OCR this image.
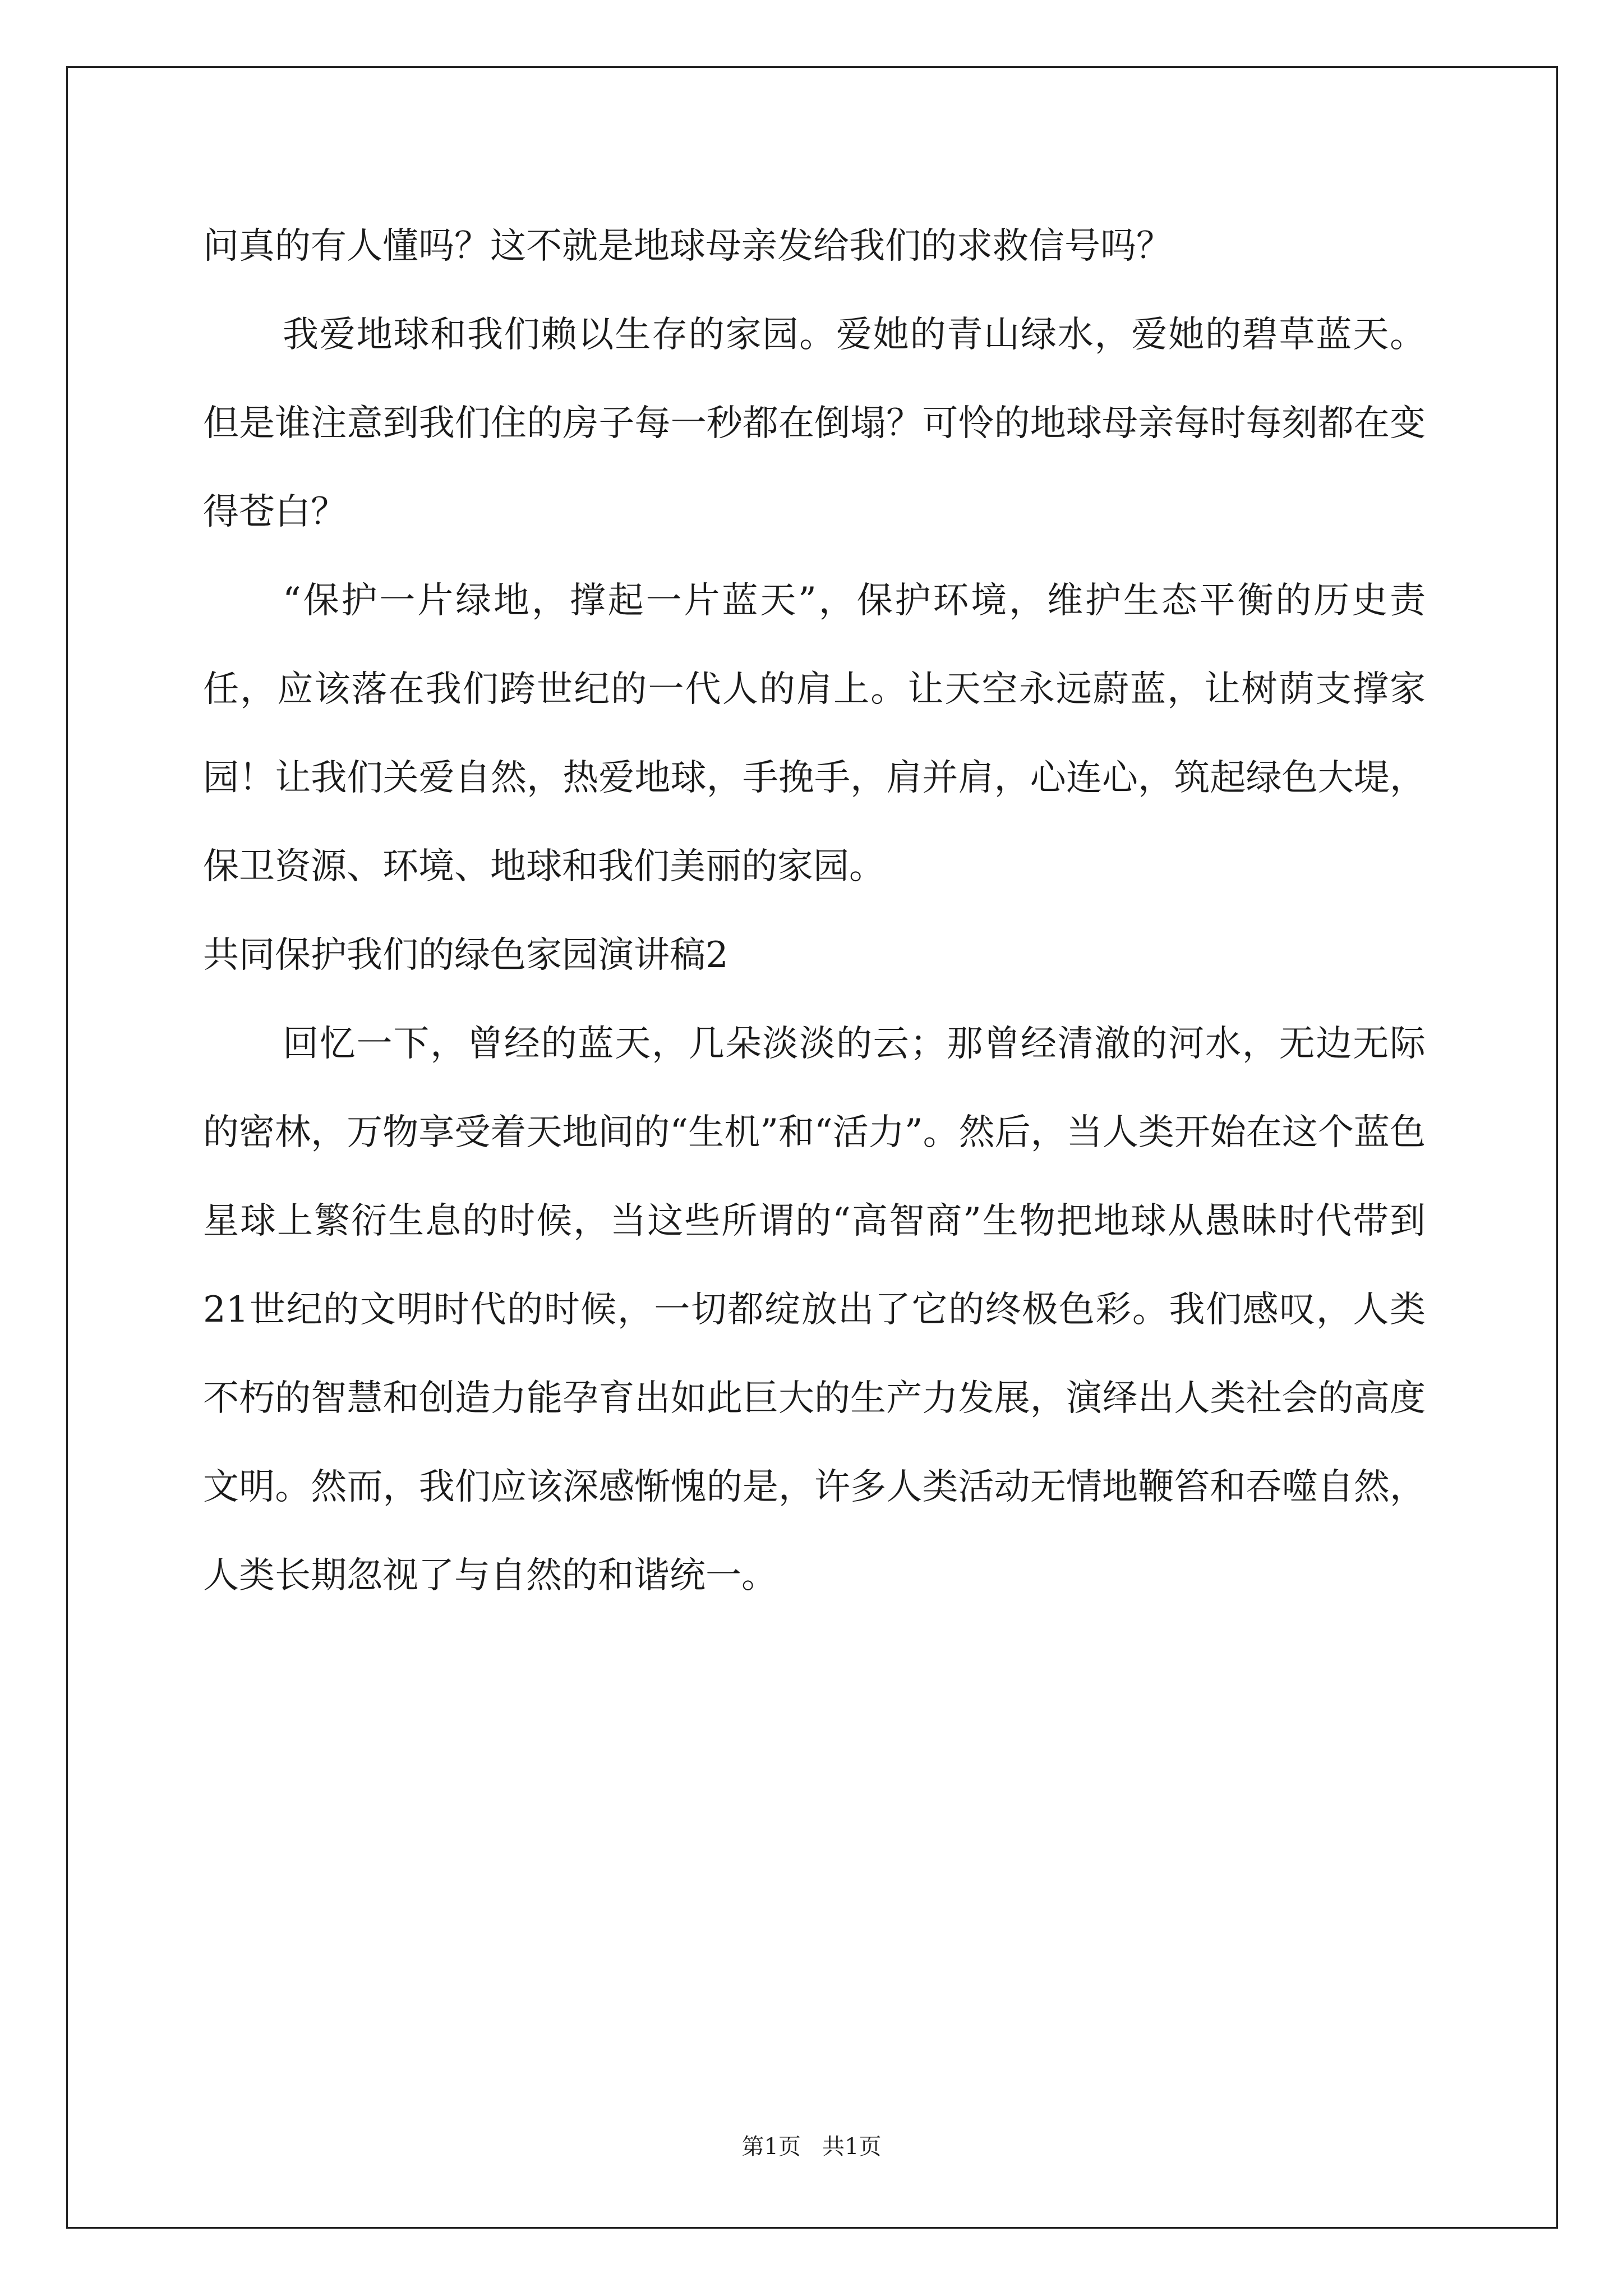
问真的有人懂吗？这不就是地球母亲发给我们的求救信号吗？

我爱地球和我们赖以生存的家园。爱她的青山绿水，爱她的碧草蓝天。但是谁注意到我们住的房子每一秒都在倒塌？可怜的地球母亲每时每刻都在变得苍白？

“保护一片绿地，撑起一片蓝天”，保护环境，维护生态平衡的历史责任，应该落在我们跨世纪的一代人的肩上。让天空永远蔚蓝，让树荫支撑家园！让我们关爱自然，热爱地球，手挽手，肩并肩，心连心，筑起绿色大堤，保卫资源、环境、地球和我们美丽的家园。

共同保护我们的绿色家园演讲稿2

回忆一下，曾经的蓝天，几朵淡淡的云；那曾经清澈的河水，无边无际的密林，万物享受着天地间的“生机”和“活力”。然后，当人类开始在这个蓝色星球上繁衍生息的时候，当这些所谓的“高智商”生物把地球从愚昧时代带到21世纪的文明时代的时候，一切都绽放出了它的终极色彩。我们感叹，人类不朽的智慧和创造力能孕育出如此巨大的生产力发展，演绎出人类社会的高度文明。然而，我们应该深感惭愧的是，许多人类活动无情地鞭笞和吞噬自然，人类长期忽视了与自然的和谐统一。

第1页   共1页
